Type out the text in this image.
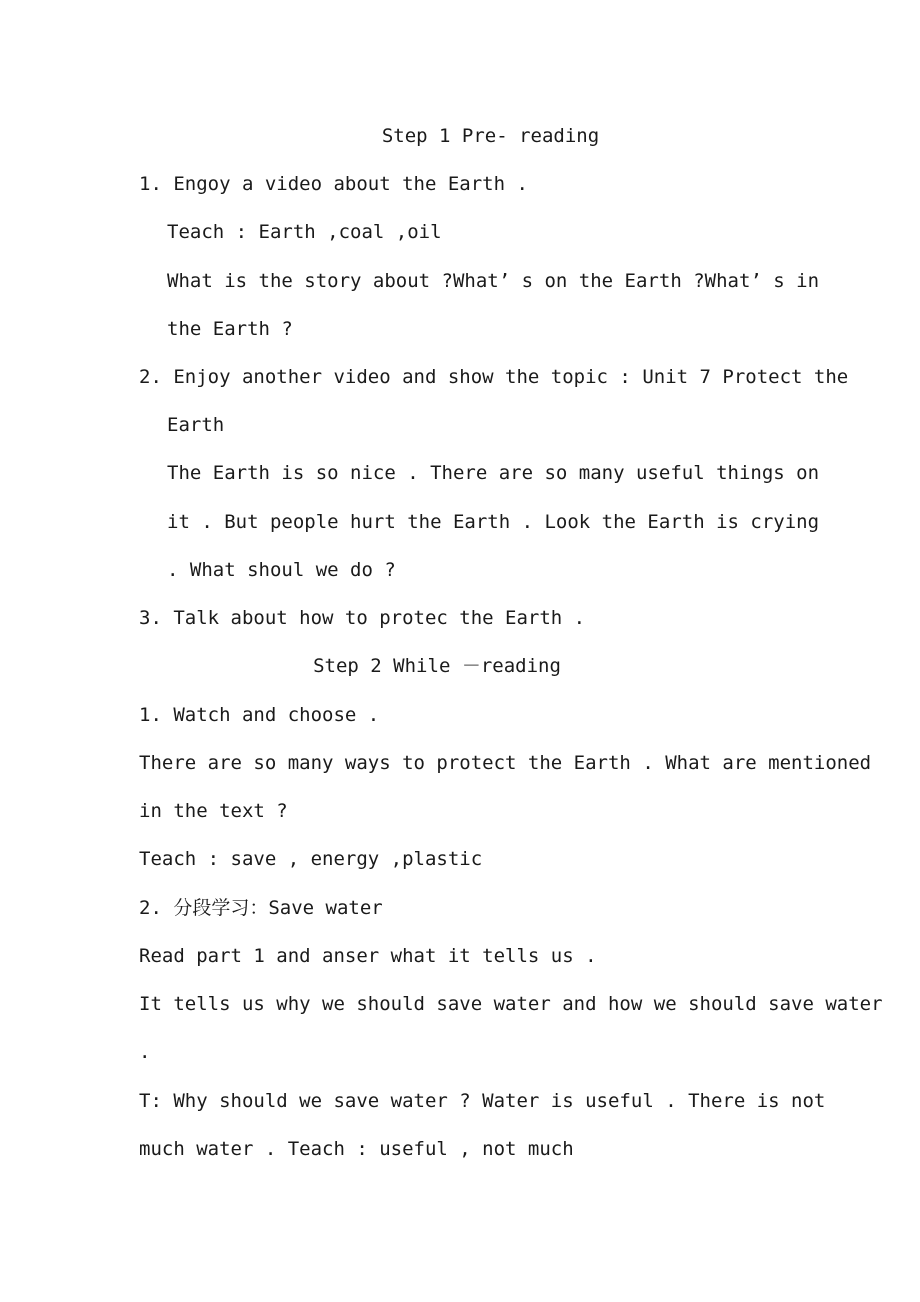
Step 1 Pre- reading
1. Engoy a video about the Earth .
Teach : Earth ,coal ,oil
What is the story about ?What’ s on the Earth ?What’ s in
the Earth ?
2. Enjoy another video and show the topic : Unit 7 Protect the
Earth
The Earth is so nice . There are so many useful things on
it . But people hurt the Earth . Look the Earth is crying
. What shoul we do ?
3. Talk about how to protec the Earth .
Step 2 While －reading
1. Watch and choose .
There are so many ways to protect the Earth . What are mentioned
in the text ?
Teach : save , energy ,plastic
2. 分段学习：Save water
Read part 1 and anser what it tells us .
It tells us why we should save water and how we should save water
.
T: Why should we save water ? Water is useful . There is not
much water . Teach : useful , not much
